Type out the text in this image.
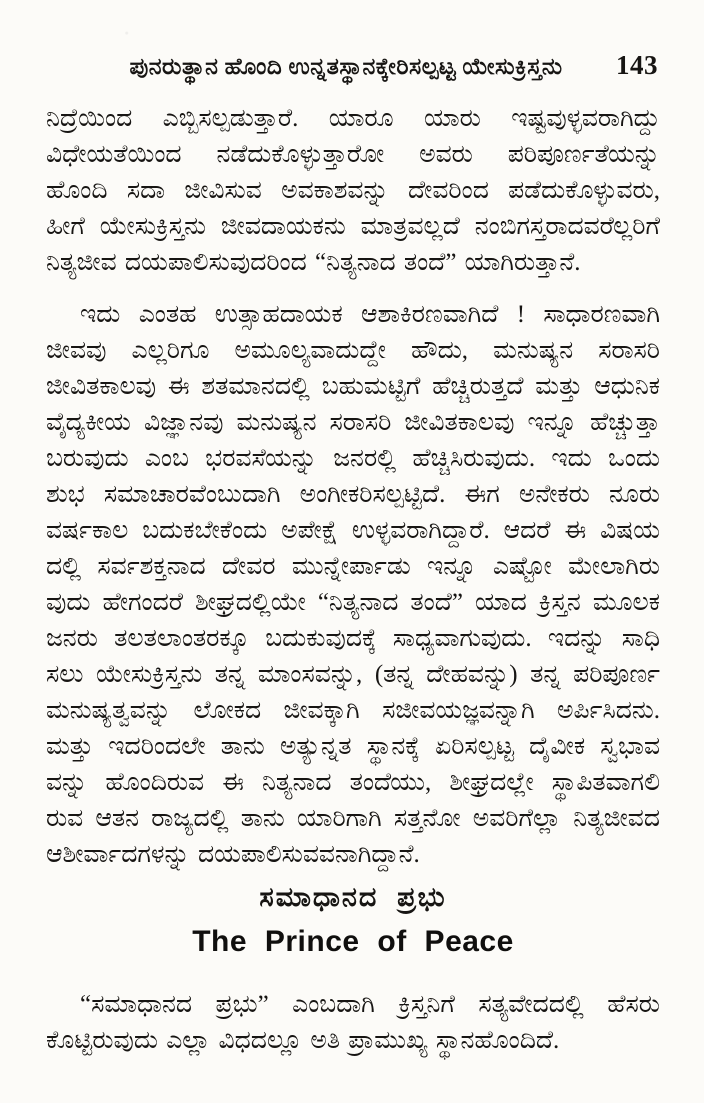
ಪುನರುತ್ಥಾನ ಹೊಂದಿ ಉನ್ನತಸ್ಥಾನಕ್ಕೇರಿಸಲ್ಪಟ್ಟ ಯೇಸುಕ್ರಿಸ್ತನು	143
ನಿದ್ರೆಯಿಂದ ಎಬ್ಬಿಸಲ್ಪಡುತ್ತಾರೆ. ಯಾರೂ ಯಾರು ಇಷ್ಟವುಳ್ಳವರಾಗಿದ್ದು
ವಿಧೇಯತೆಯಿಂದ ನಡೆದುಕೊಳ್ಳುತ್ತಾರೋ ಅವರು ಪರಿಪೂರ್ಣತೆಯನ್ನು
ಹೊಂದಿ ಸದಾ ಜೀವಿಸುವ ಅವಕಾಶವನ್ನು ದೇವರಿಂದ ಪಡೆದುಕೊಳ್ಳುವರು,
ಹೀಗೆ ಯೇಸುಕ್ರಿಸ್ತನು ಜೀವದಾಯಕನು ಮಾತ್ರವಲ್ಲದೆ ನಂಬಿಗಸ್ತರಾದವರೆಲ್ಲರಿಗೆ
ನಿತ್ಯಜೀವ ದಯಪಾಲಿಸುವುದರಿಂದ “ನಿತ್ಯನಾದ ತಂದೆ” ಯಾಗಿರುತ್ತಾನೆ.
ಇದು ಎಂತಹ ಉತ್ಸಾಹದಾಯಕ ಆಶಾಕಿರಣವಾಗಿದೆ ! ಸಾಧಾರಣವಾಗಿ
ಜೀವವು ಎಲ್ಲರಿಗೂ ಅಮೂಲ್ಯವಾದುದ್ದೇ ಹೌದು, ಮನುಷ್ಯನ ಸರಾಸರಿ
ಜೀವಿತಕಾಲವು ಈ ಶತಮಾನದಲ್ಲಿ ಬಹುಮಟ್ಟಿಗೆ ಹೆಚ್ಚಿರುತ್ತದೆ ಮತ್ತು ಆಧುನಿಕ
ವೈದ್ಯಕೀಯ ವಿಜ್ಞಾನವು ಮನುಷ್ಯನ ಸರಾಸರಿ ಜೀವಿತಕಾಲವು ಇನ್ನೂ ಹೆಚ್ಚುತ್ತಾ
ಬರುವುದು ಎಂಬ ಭರವಸೆಯನ್ನು ಜನರಲ್ಲಿ ಹೆಚ್ಚಿಸಿರುವುದು. ಇದು ಒಂದು
ಶುಭ ಸಮಾಚಾರವೆಂಬುದಾಗಿ ಅಂಗೀಕರಿಸಲ್ಪಟ್ಟಿದೆ. ಈಗ ಅನೇಕರು ನೂರು
ವರ್ಷಕಾಲ ಬದುಕಬೇಕೆಂದು ಅಪೇಕ್ಷೆ ಉಳ್ಳವರಾಗಿದ್ದಾರೆ. ಆದರೆ ಈ ವಿಷಯ
ದಲ್ಲಿ ಸರ್ವಶಕ್ತನಾದ ದೇವರ ಮುನ್ನೇರ್ಪಾಡು ಇನ್ನೂ ಎಷ್ಟೋ ಮೇಲಾಗಿರು
ವುದು ಹೇಗಂದರೆ ಶೀಘ್ರದಲ್ಲಿಯೇ “ನಿತ್ಯನಾದ ತಂದೆ” ಯಾದ ಕ್ರಿಸ್ತನ ಮೂಲಕ
ಜನರು ತಲತಲಾಂತರಕ್ಕೂ ಬದುಕುವುದಕ್ಕೆ ಸಾಧ್ಯವಾಗುವುದು. ಇದನ್ನು ಸಾಧಿ
ಸಲು ಯೇಸುಕ್ರಿಸ್ತನು ತನ್ನ ಮಾಂಸವನ್ನು, (ತನ್ನ ದೇಹವನ್ನು) ತನ್ನ ಪರಿಪೂರ್ಣ
ಮನುಷ್ಯತ್ವವನ್ನು ಲೋಕದ ಜೀವಕ್ಕಾಗಿ ಸಜೀವಯಜ್ಞವನ್ನಾಗಿ ಅರ್ಪಿಸಿದನು.
ಮತ್ತು ಇದರಿಂದಲೇ ತಾನು ಅತ್ಯುನ್ನತ ಸ್ಥಾನಕ್ಕೆ ಏರಿಸಲ್ಪಟ್ಟ ದೈವೀಕ ಸ್ವಭಾವ
ವನ್ನು ಹೊಂದಿರುವ ಈ ನಿತ್ಯನಾದ ತಂದೆಯು, ಶೀಘ್ರದಲ್ಲೇ ಸ್ಥಾಪಿತವಾಗಲಿ
ರುವ ಆತನ ರಾಜ್ಯದಲ್ಲಿ ತಾನು ಯಾರಿಗಾಗಿ ಸತ್ತನೋ ಅವರಿಗೆಲ್ಲಾ ನಿತ್ಯಜೀವದ
ಆಶೀರ್ವಾದಗಳನ್ನು ದಯಪಾಲಿಸುವವನಾಗಿದ್ದಾನೆ.
ಸಮಾಧಾನದ ಪ್ರಭು
The Prince of Peace
“ಸಮಾಧಾನದ ಪ್ರಭು” ಎಂಬದಾಗಿ ಕ್ರಿಸ್ತನಿಗೆ ಸತ್ಯವೇದದಲ್ಲಿ ಹೆಸರು
ಕೊಟ್ಟಿರುವುದು ಎಲ್ಲಾ ವಿಧದಲ್ಲೂ ಅತಿ ಪ್ರಾಮುಖ್ಯ ಸ್ಥಾನಹೊಂದಿದೆ.
